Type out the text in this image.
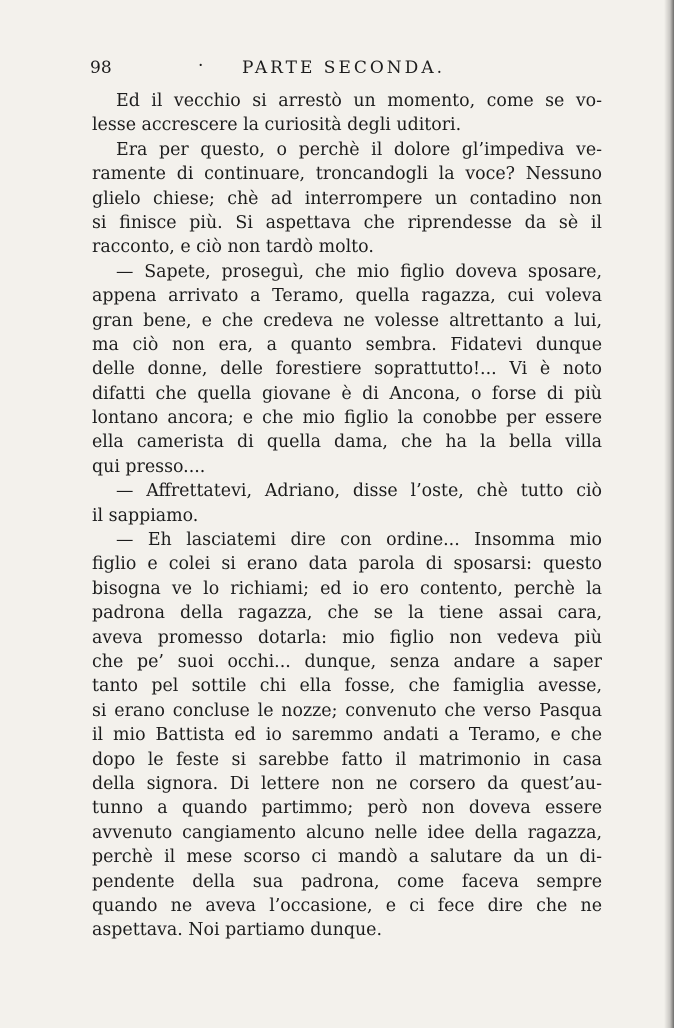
98	· PARTE SECONDA.
Ed il vecchio si arrestò un momento, come se vo-
lesse accrescere la curiosità degli uditori.
Era per questo, o perchè il dolore gl’impediva ve-
ramente di continuare, troncandogli la voce? Nessuno
glielo chiese; chè ad interrompere un contadino non
si finisce più. Si aspettava che riprendesse da sè il
racconto, e ciò non tardò molto.
— Sapete, proseguì, che mio figlio doveva sposare,
appena arrivato a Teramo, quella ragazza, cui voleva
gran bene, e che credeva ne volesse altrettanto a lui,
ma ciò non era, a quanto sembra. Fidatevi dunque
delle donne, delle forestiere soprattutto!... Vi è noto
difatti che quella giovane è di Ancona, o forse di più
lontano ancora; e che mio figlio la conobbe per essere
ella camerista di quella dama, che ha la bella villa
qui presso....
— Affrettatevi, Adriano, disse l’oste, chè tutto ciò
il sappiamo.
— Eh lasciatemi dire con ordine... Insomma mio
figlio e colei si erano data parola di sposarsi: questo
bisogna ve lo richiami; ed io ero contento, perchè la
padrona della ragazza, che se la tiene assai cara,
aveva promesso dotarla: mio figlio non vedeva più
che pe’ suoi occhi... dunque, senza andare a saper
tanto pel sottile chi ella fosse, che famiglia avesse,
si erano concluse le nozze; convenuto che verso Pasqua
il mio Battista ed io saremmo andati a Teramo, e che
dopo le feste si sarebbe fatto il matrimonio in casa
della signora. Di lettere non ne corsero da quest’au-
tunno a quando partimmo; però non doveva essere
avvenuto cangiamento alcuno nelle idee della ragazza,
perchè il mese scorso ci mandò a salutare da un di-
pendente della sua padrona, come faceva sempre
quando ne aveva l’occasione, e ci fece dire che ne
aspettava. Noi partiamo dunque.
